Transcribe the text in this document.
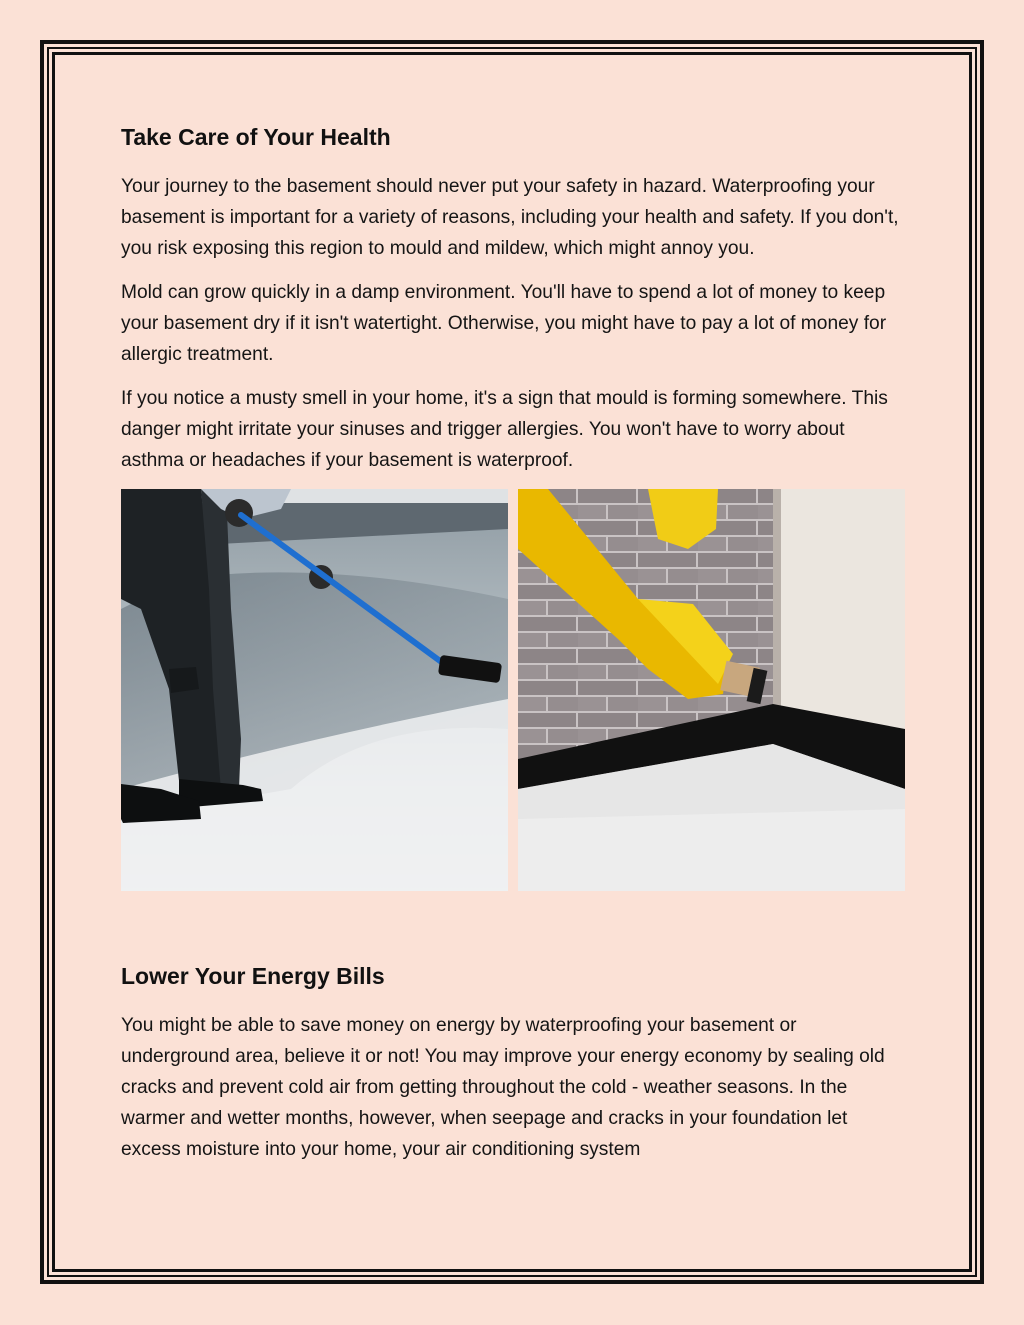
Take Care of Your Health

Your journey to the basement should never put your safety in hazard. Waterproofing your basement is important for a variety of reasons, including your health and safety. If you don't, you risk exposing this region to mould and mildew, which might annoy you.

Mold can grow quickly in a damp environment. You'll have to spend a lot of money to keep your basement dry if it isn't watertight. Otherwise, you might have to pay a lot of money for allergic treatment.

If you notice a musty smell in your home, it's a sign that mould is forming somewhere. This danger might irritate your sinuses and trigger allergies. You won't have to worry about asthma or headaches if your basement is waterproof.

Lower Your Energy Bills

You might be able to save money on energy by waterproofing your basement or underground area, believe it or not! You may improve your energy economy by sealing old cracks and prevent cold air from getting throughout the cold - weather seasons. In the warmer and wetter months, however, when seepage and cracks in your foundation let excess moisture into your home, your air conditioning system
